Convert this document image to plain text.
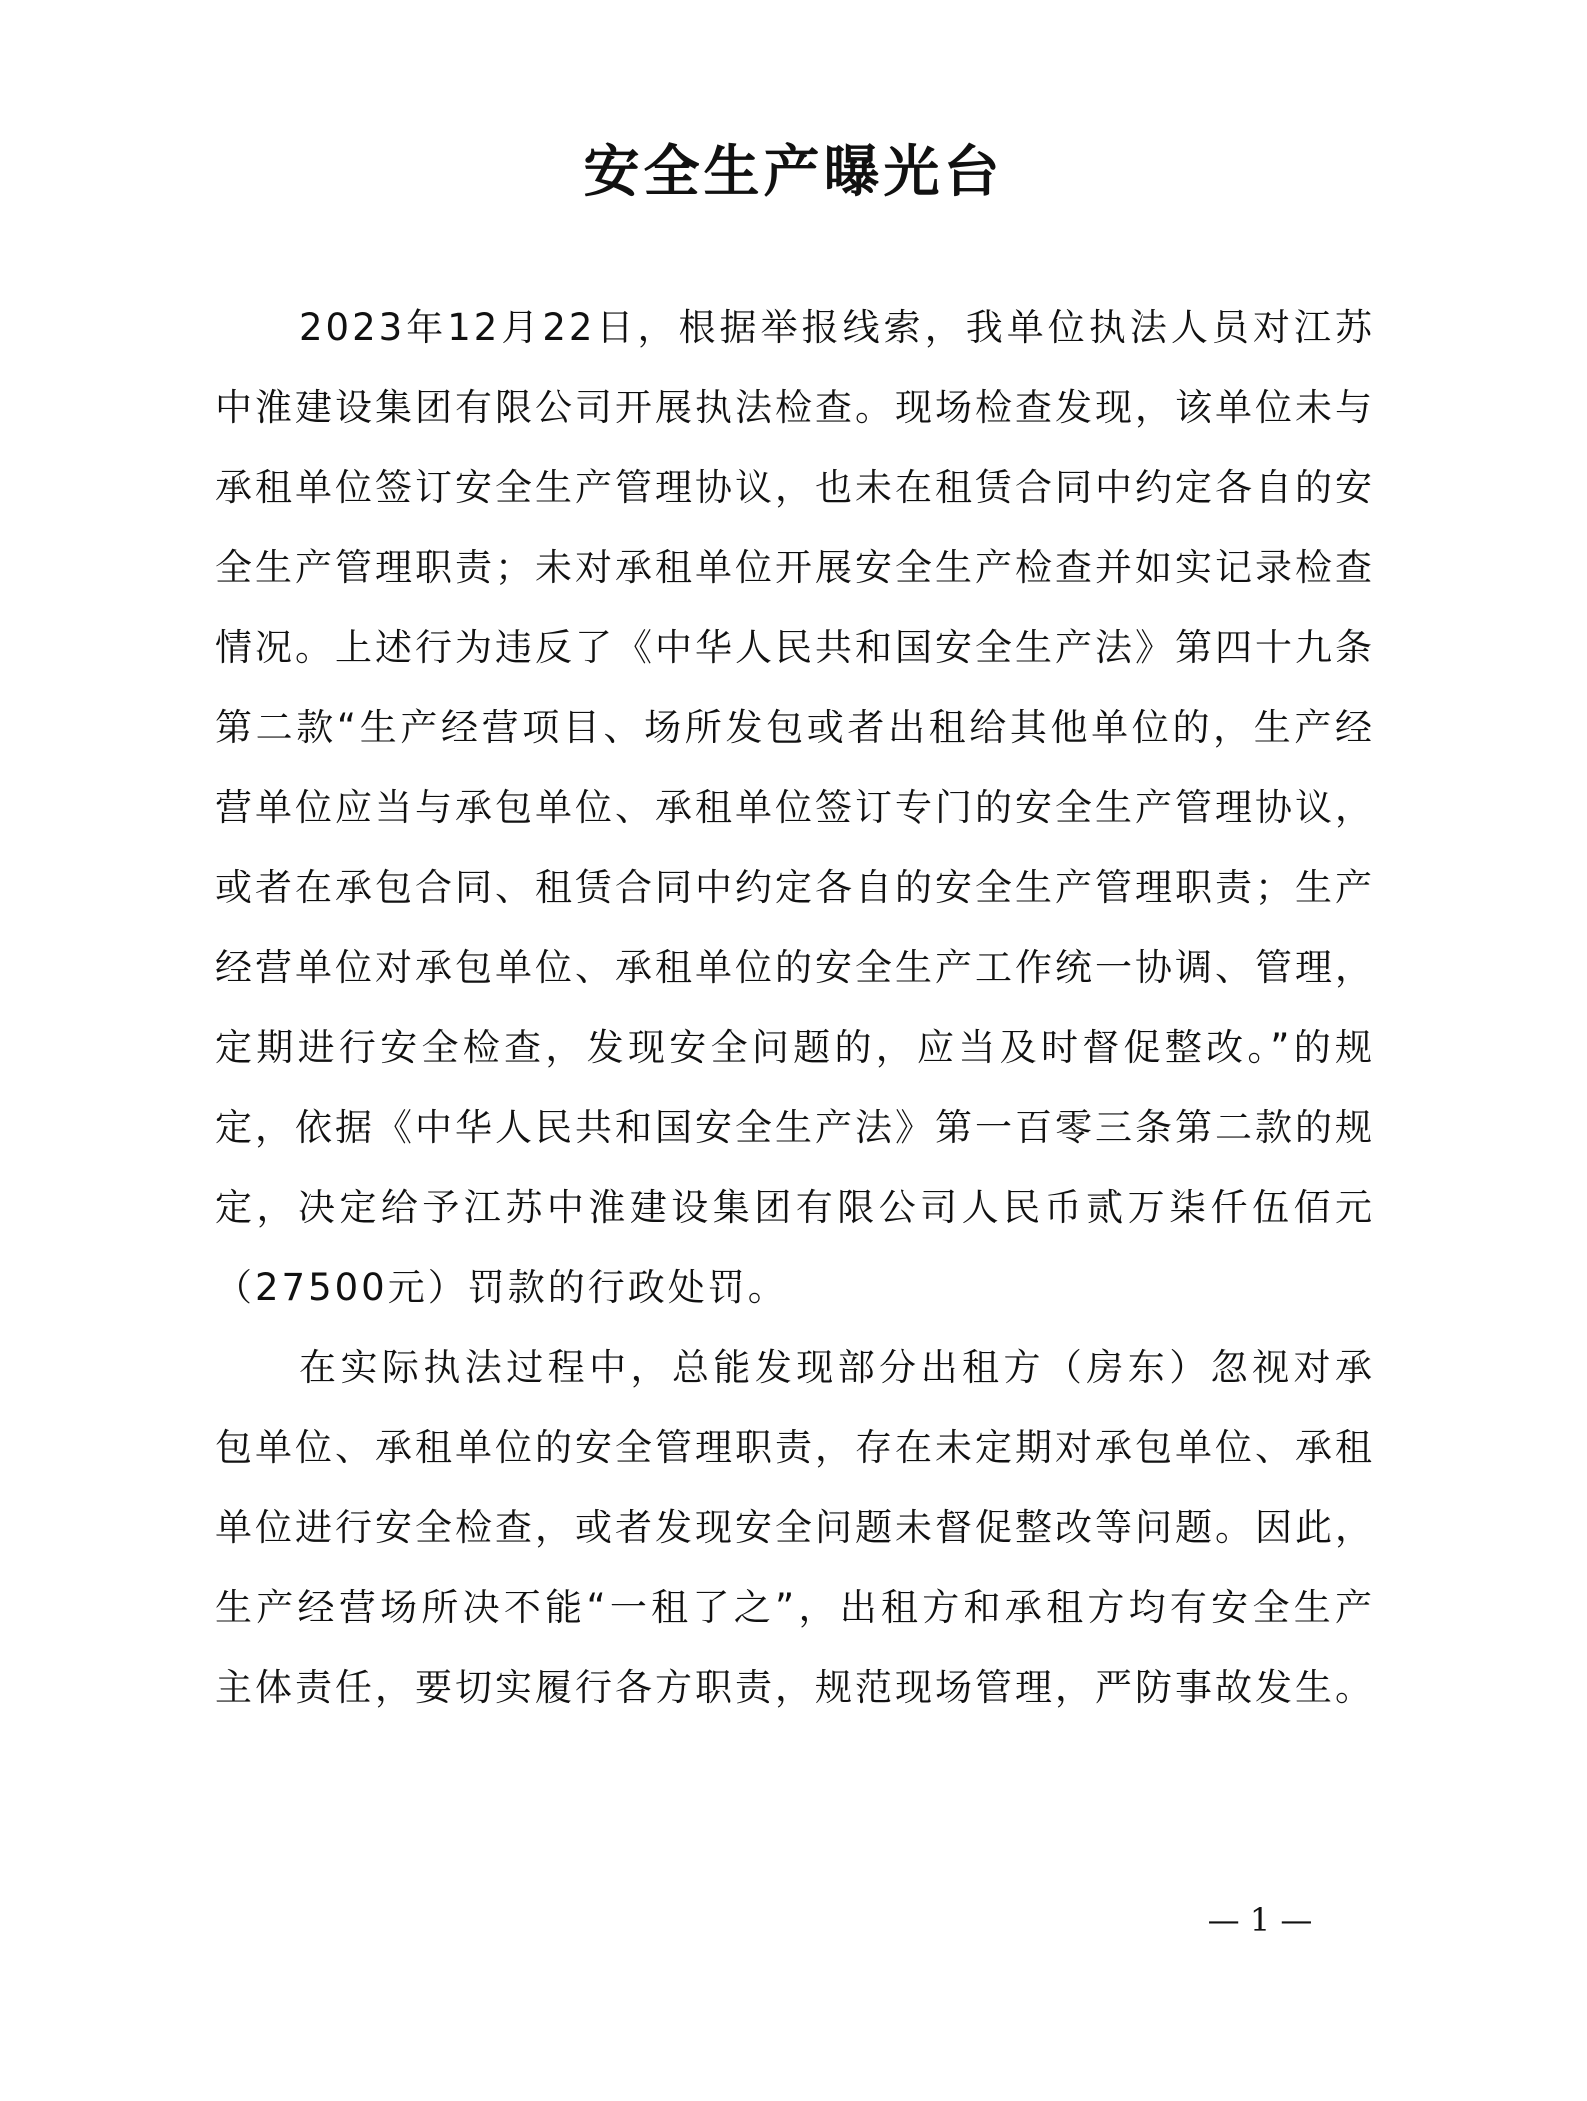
安全生产曝光台

2023年12月22日，根据举报线索，我单位执法人员对江苏中淮建设集团有限公司开展执法检查。现场检查发现，该单位未与承租单位签订安全生产管理协议，也未在租赁合同中约定各自的安全生产管理职责；未对承租单位开展安全生产检查并如实记录检查情况。上述行为违反了《中华人民共和国安全生产法》第四十九条第二款“生产经营项目、场所发包或者出租给其他单位的，生产经营单位应当与承包单位、承租单位签订专门的安全生产管理协议，或者在承包合同、租赁合同中约定各自的安全生产管理职责；生产经营单位对承包单位、承租单位的安全生产工作统一协调、管理，定期进行安全检查，发现安全问题的，应当及时督促整改。”的规定，依据《中华人民共和国安全生产法》第一百零三条第二款的规定，决定给予江苏中淮建设集团有限公司人民币贰万柒仟伍佰元（27500元）罚款的行政处罚。

在实际执法过程中，总能发现部分出租方（房东）忽视对承包单位、承租单位的安全管理职责，存在未定期对承包单位、承租单位进行安全检查，或者发现安全问题未督促整改等问题。因此，生产经营场所决不能“一租了之”，出租方和承租方均有安全生产主体责任，要切实履行各方职责，规范现场管理，严防事故发生。

— 1 —
